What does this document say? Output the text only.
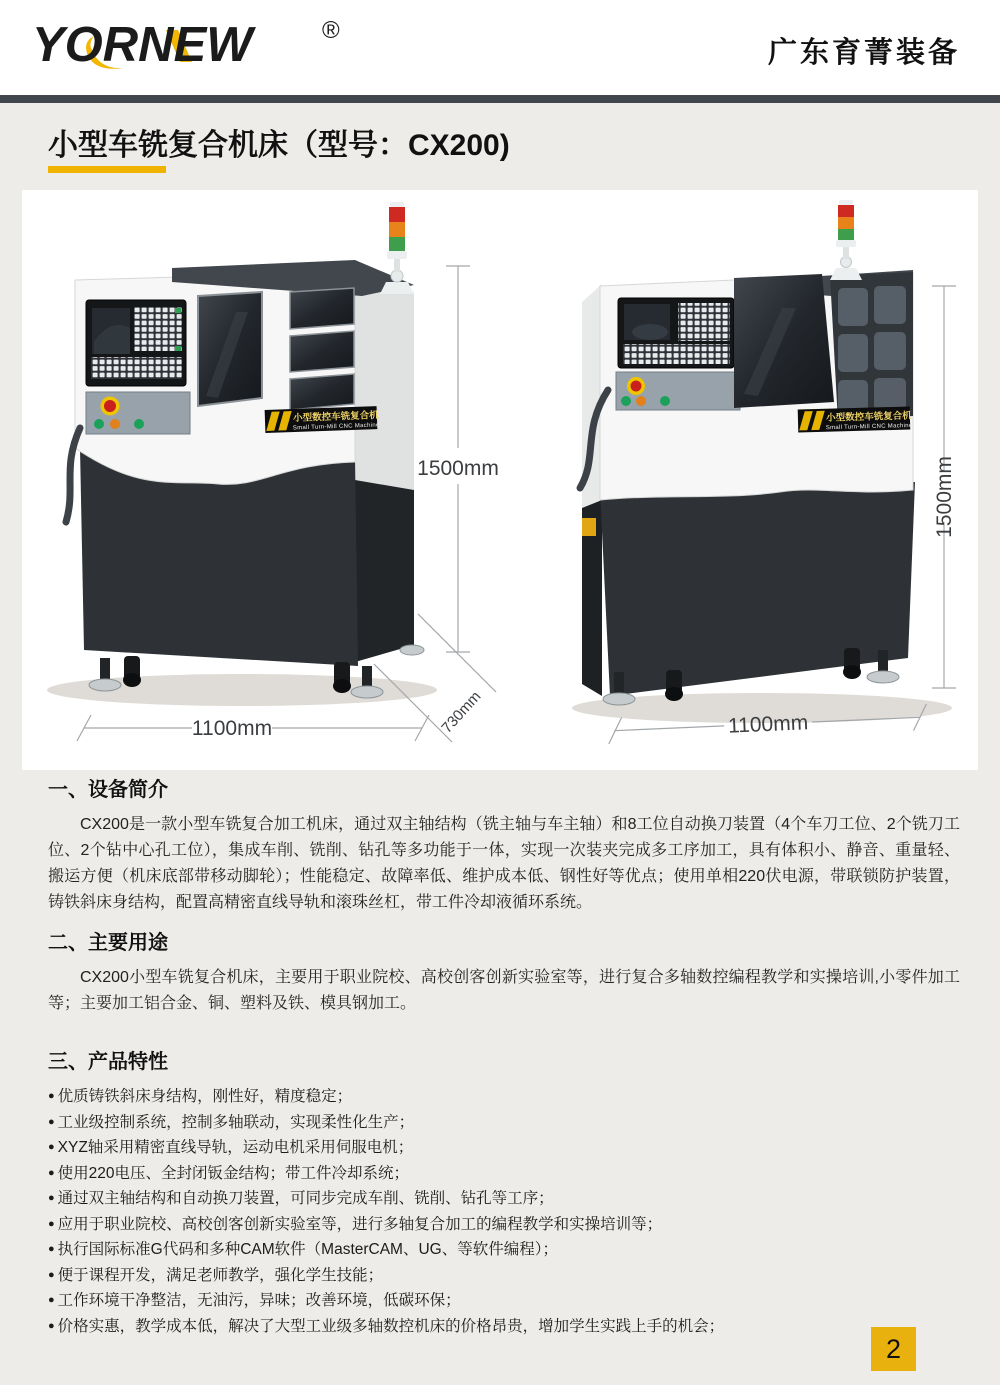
YORNEW	®
广东育菁装备
小型车铣复合机床（型号：CX200)
小型数控车铣复合机
Small Turn-Mill CNC Machine
1500mm
1100mm	730mm
小型数控车铣复合机
Small Turn-Mill CNC Machine
1500mm
1100mm
一、设备简介

CX200是一款小型车铣复合加工机床，通过双主轴结构（铣主轴与车主轴）和8工位自动换刀装置（4个车刀工位、2个铣刀工位、2个钻中心孔工位），集成车削、铣削、钻孔等多功能于一体，实现一次装夹完成多工序加工，具有体积小、静音、重量轻、搬运方便（机床底部带移动脚轮）；性能稳定、故障率低、维护成本低、钢性好等优点；使用单相220伏电源，带联锁防护装置，铸铁斜床身结构，配置高精密直线导轨和滚珠丝杠，带工件冷却液循环系统。

二、主要用途

CX200小型车铣复合机床，主要用于职业院校、高校创客创新实验室等，进行复合多轴数控编程教学和实操培训,小零件加工等；主要加工铝合金、铜、塑料及铁、模具钢加工。

三、产品特性
● 优质铸铁斜床身结构，刚性好，精度稳定；
● 工业级控制系统，控制多轴联动，实现柔性化生产；
● XYZ轴采用精密直线导轨，运动电机采用伺服电机；
● 使用220电压、全封闭钣金结构；带工件冷却系统；
● 通过双主轴结构和自动换刀装置，可同步完成车削、铣削、钻孔等工序；
● 应用于职业院校、高校创客创新实验室等，进行多轴复合加工的编程教学和实操培训等；
● 执行国际标准G代码和多种CAM软件（MasterCAM、UG、等软件编程）；
● 便于课程开发，满足老师教学，强化学生技能；
● 工作环境干净整洁，无油污，异味；改善环境，低碳环保；
● 价格实惠，教学成本低，解决了大型工业级多轴数控机床的价格昂贵，增加学生实践上手的机会；
2
